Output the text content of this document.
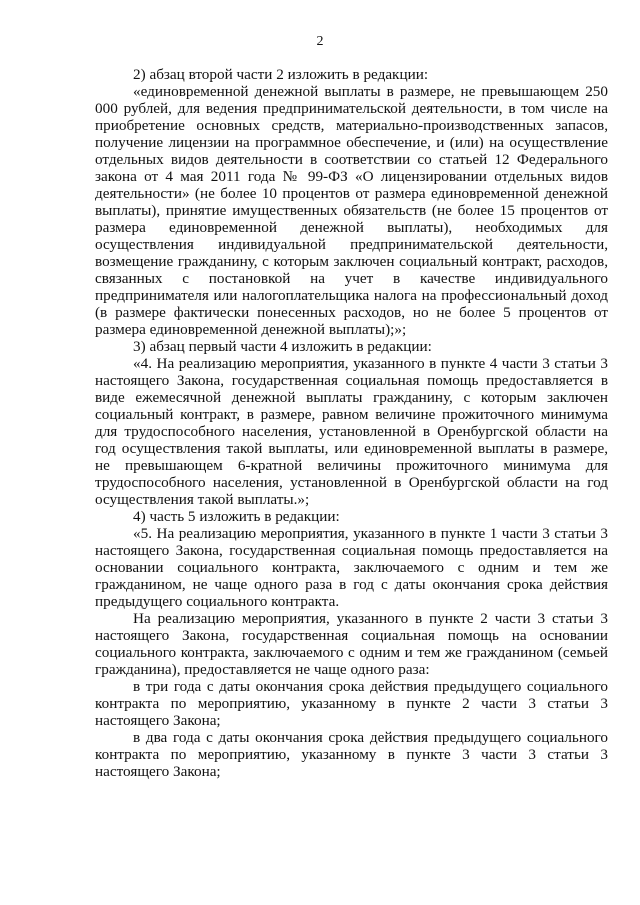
2

2) абзац второй части 2 изложить в редакции:

«единовременной денежной выплаты в размере, не превышающем 250 000 рублей, для ведения предпринимательской деятельности, в том числе на приобретение основных средств, материально-производственных запасов, получение лицензии на программное обеспечение, и (или) на осуществление отдельных видов деятельности в соответствии со статьей 12 Федерального закона от 4 мая 2011 года № 99-ФЗ «О лицензировании отдельных видов деятельности» (не более 10 процентов от размера единовременной денежной выплаты), принятие имущественных обязательств (не более 15 процентов от размера единовременной денежной выплаты), необходимых для осуществления индивидуальной предпринимательской деятельности, возмещение гражданину, с которым заключен социальный контракт, расходов, связанных с постановкой на учет в качестве индивидуального предпринимателя или налогоплательщика налога на профессиональный доход (в размере фактически понесенных расходов, но не более 5 процентов от размера единовременной денежной выплаты);»;

3) абзац первый части 4 изложить в редакции:

«4. На реализацию мероприятия, указанного в пункте 4 части 3 статьи 3 настоящего Закона, государственная социальная помощь предоставляется в виде ежемесячной денежной выплаты гражданину, с которым заключен социальный контракт, в размере, равном величине прожиточного минимума для трудоспособного населения, установленной в Оренбургской области на год осуществления такой выплаты, или единовременной выплаты в размере, не превышающем 6-кратной величины прожиточного минимума для трудоспособного населения, установленной в Оренбургской области на год осуществления такой выплаты.»;

4) часть 5 изложить в редакции:

«5. На реализацию мероприятия, указанного в пункте 1 части 3 статьи 3 настоящего Закона, государственная социальная помощь предоставляется на основании социального контракта, заключаемого с одним и тем же гражданином, не чаще одного раза в год с даты окончания срока действия предыдущего социального контракта.

На реализацию мероприятия, указанного в пункте 2 части 3 статьи 3 настоящего Закона, государственная социальная помощь на основании социального контракта, заключаемого с одним и тем же гражданином (семьей гражданина), предоставляется не чаще одного раза:

в три года с даты окончания срока действия предыдущего социального контракта по мероприятию, указанному в пункте 2 части 3 статьи 3 настоящего Закона;

в два года с даты окончания срока действия предыдущего социального контракта по мероприятию, указанному в пункте 3 части 3 статьи 3 настоящего Закона;
